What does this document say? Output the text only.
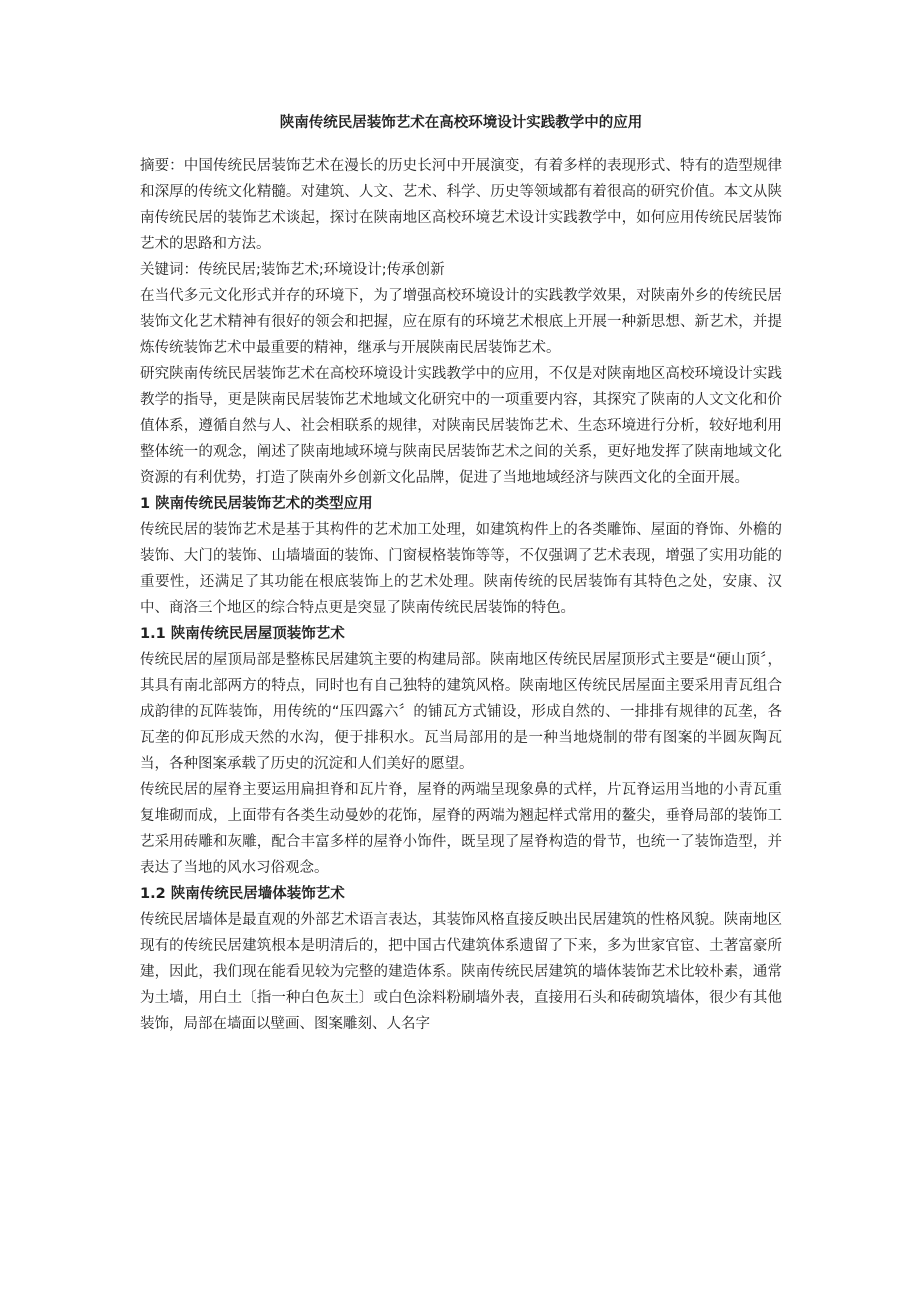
陕南传统民居装饰艺术在高校环境设计实践教学中的应用

摘要：中国传统民居装饰艺术在漫长的历史长河中开展演变，有着多样的表现形式、特有的造型规律和深厚的传统文化精髓。对建筑、人文、艺术、科学、历史等领域都有着很高的研究价值。本文从陕南传统民居的装饰艺术谈起，探讨在陕南地区高校环境艺术设计实践教学中，如何应用传统民居装饰艺术的思路和方法。

关键词：传统民居;装饰艺术;环境设计;传承创新

在当代多元文化形式并存的环境下，为了增强高校环境设计的实践教学效果，对陕南外乡的传统民居装饰文化艺术精神有很好的领会和把握，应在原有的环境艺术根底上开展一种新思想、新艺术，并提炼传统装饰艺术中最重要的精神，继承与开展陕南民居装饰艺术。

研究陕南传统民居装饰艺术在高校环境设计实践教学中的应用，不仅是对陕南地区高校环境设计实践教学的指导，更是陕南民居装饰艺术地域文化研究中的一项重要内容，其探究了陕南的人文文化和价值体系，遵循自然与人、社会相联系的规律，对陕南民居装饰艺术、生态环境进行分析，较好地利用整体统一的观念，阐述了陕南地域环境与陕南民居装饰艺术之间的关系，更好地发挥了陕南地域文化资源的有利优势，打造了陕南外乡创新文化品牌，促进了当地地域经济与陕西文化的全面开展。

1 陕南传统民居装饰艺术的类型应用

传统民居的装饰艺术是基于其构件的艺术加工处理，如建筑构件上的各类雕饰、屋面的脊饰、外檐的装饰、大门的装饰、山墙墙面的装饰、门窗棂格装饰等等，不仅强调了艺术表现，增强了实用功能的重要性，还满足了其功能在根底装饰上的艺术处理。陕南传统的民居装饰有其特色之处，安康、汉中、商洛三个地区的综合特点更是突显了陕南传统民居装饰的特色。

1.1 陕南传统民居屋顶装饰艺术

传统民居的屋顶局部是整栋民居建筑主要的构建局部。陕南地区传统民居屋顶形式主要是“硬山顶〞，其具有南北部两方的特点，同时也有自己独特的建筑风格。陕南地区传统民居屋面主要采用青瓦组合成韵律的瓦阵装饰，用传统的“压四露六〞的铺瓦方式铺设，形成自然的、一排排有规律的瓦垄，各瓦垄的仰瓦形成天然的水沟，便于排积水。瓦当局部用的是一种当地烧制的带有图案的半圆灰陶瓦当，各种图案承载了历史的沉淀和人们美好的愿望。

传统民居的屋脊主要运用扁担脊和瓦片脊，屋脊的两端呈现象鼻的式样，片瓦脊运用当地的小青瓦重复堆砌而成，上面带有各类生动曼妙的花饰，屋脊的两端为翘起样式常用的鳌尖，垂脊局部的装饰工艺采用砖雕和灰雕，配合丰富多样的屋脊小饰件，既呈现了屋脊构造的骨节，也统一了装饰造型，并表达了当地的风水习俗观念。

1.2 陕南传统民居墙体装饰艺术

传统民居墙体是最直观的外部艺术语言表达，其装饰风格直接反映出民居建筑的性格风貌。陕南地区现有的传统民居建筑根本是明清后的，把中国古代建筑体系遗留了下来，多为世家官宦、土著富豪所建，因此，我们现在能看见较为完整的建造体系。陕南传统民居建筑的墙体装饰艺术比较朴素，通常为土墙，用白土〔指一种白色灰土〕或白色涂料粉刷墙外表，直接用石头和砖砌筑墙体，很少有其他装饰，局部在墙面以壁画、图案雕刻、人名字
